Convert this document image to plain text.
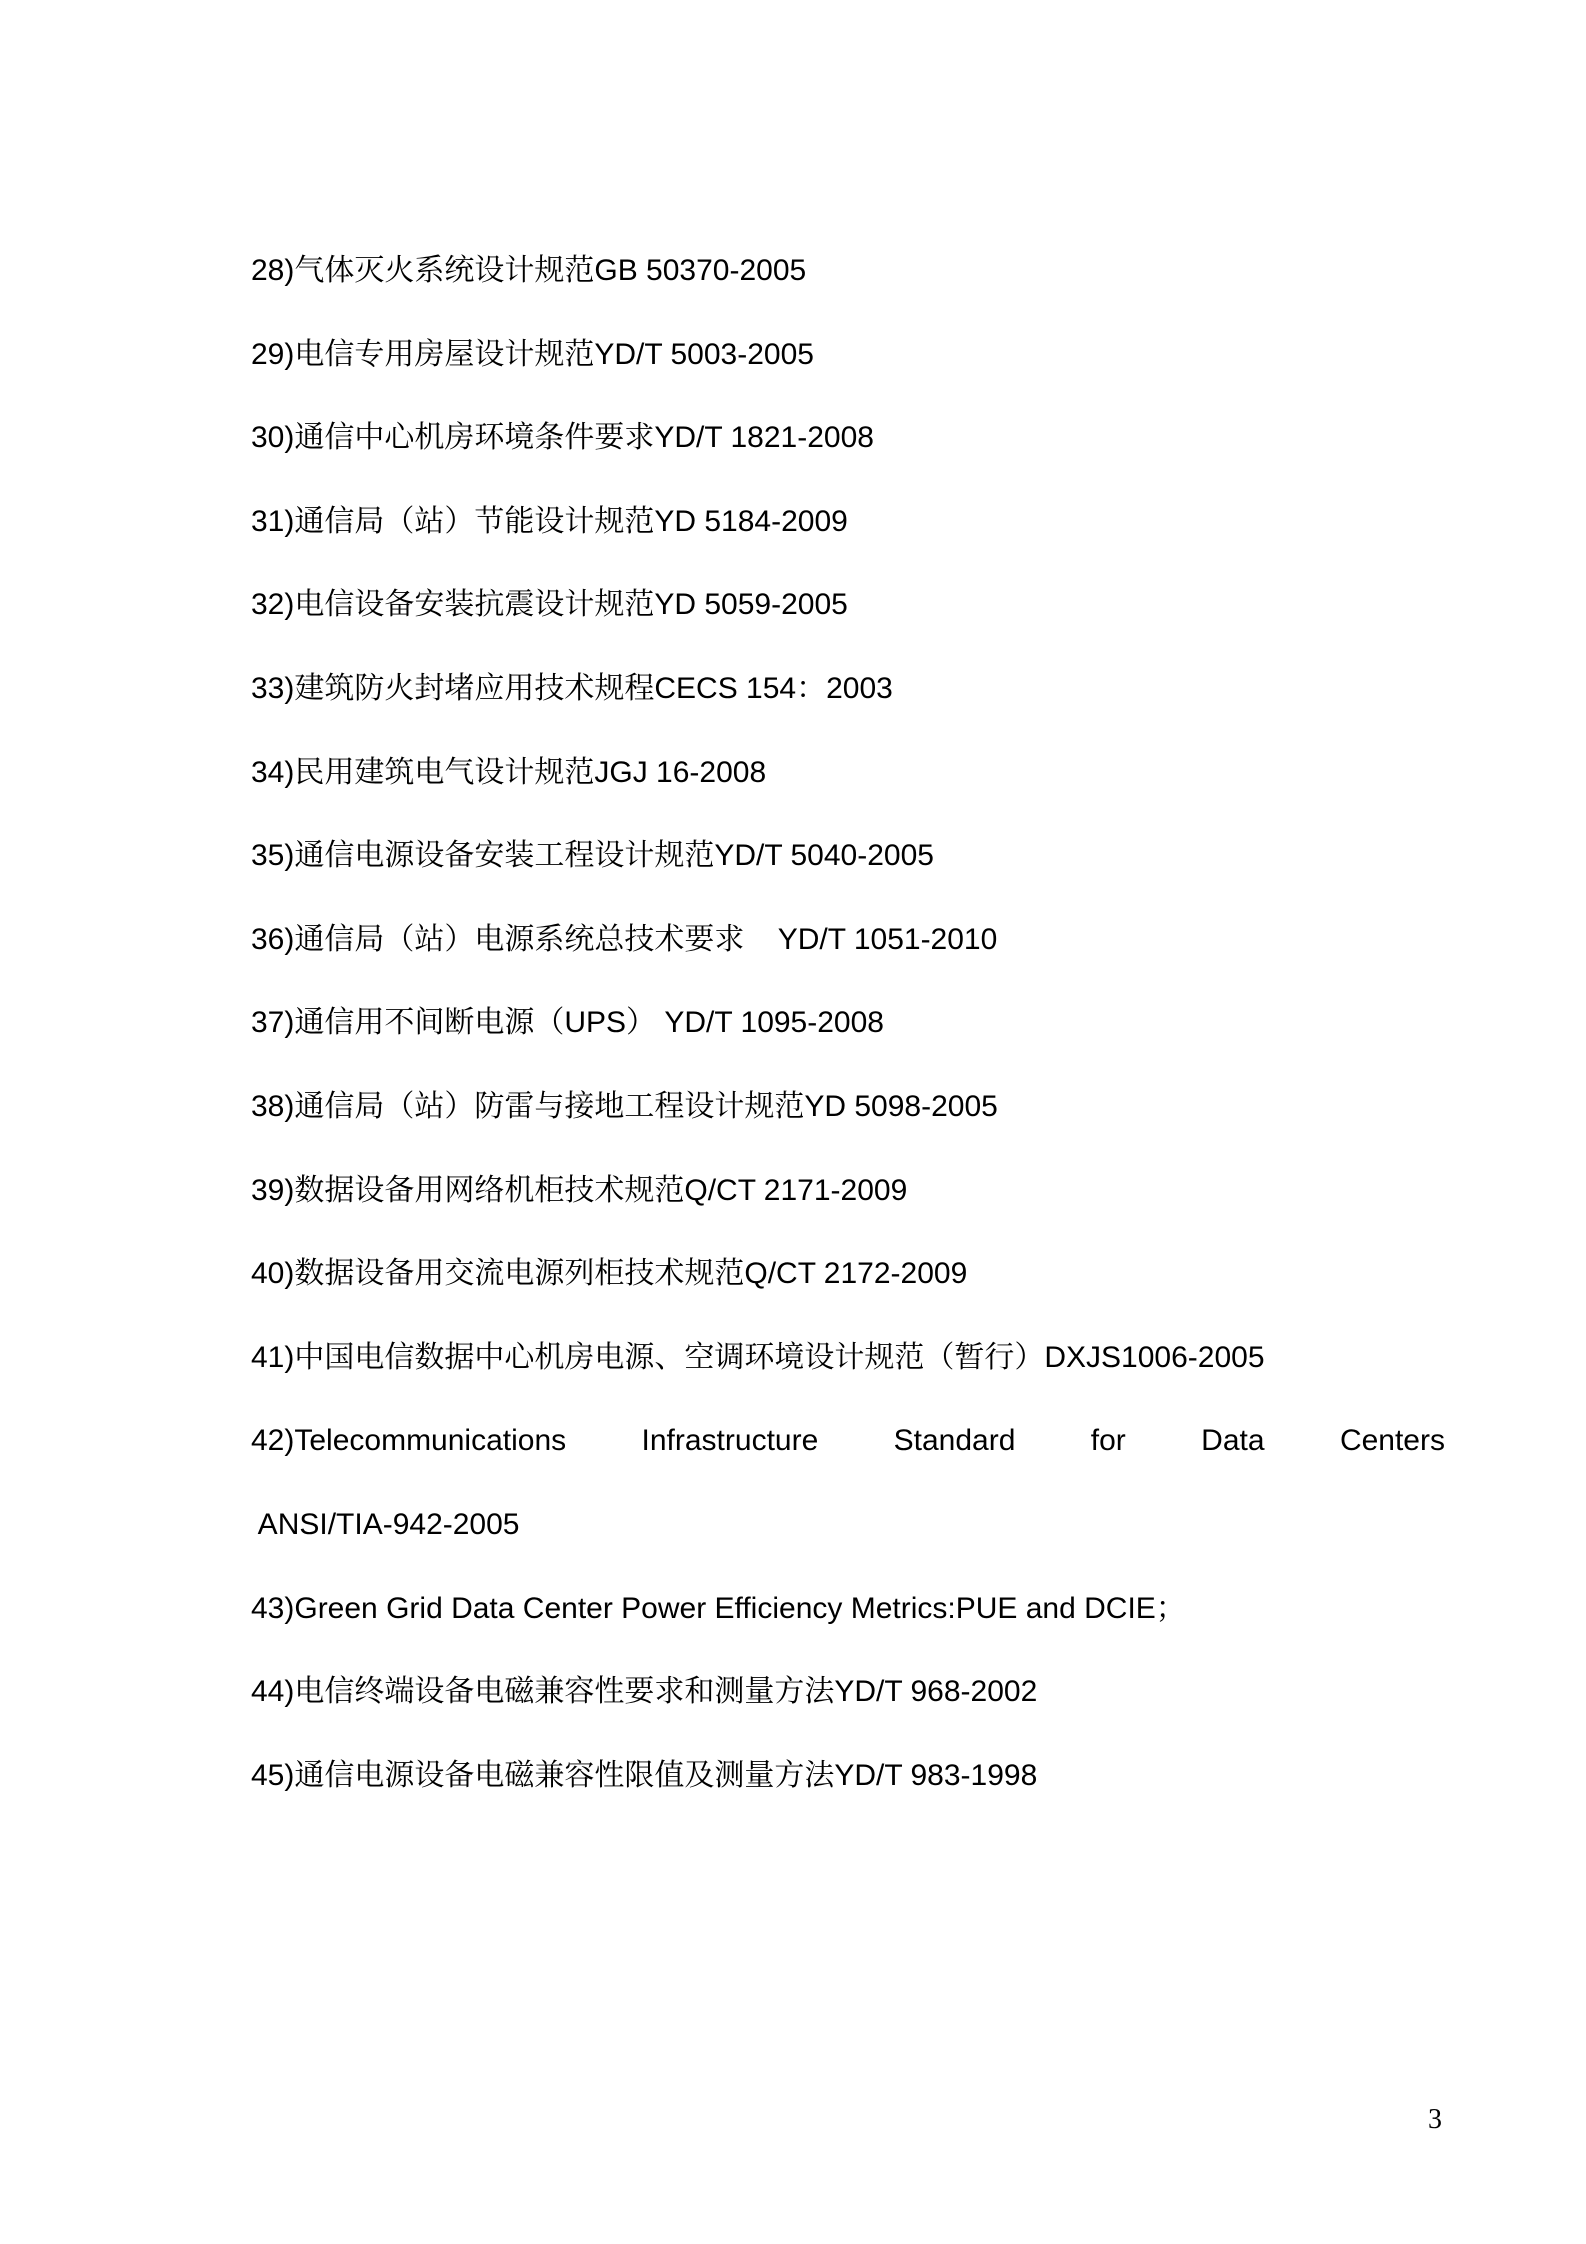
28)气体灭火系统设计规范GB 50370-2005
29)电信专用房屋设计规范YD/T 5003-2005
30)通信中心机房环境条件要求YD/T 1821-2008
31)通信局（站）节能设计规范YD 5184-2009
32)电信设备安装抗震设计规范YD 5059-2005
33)建筑防火封堵应用技术规程CECS 154：2003
34)民用建筑电气设计规范JGJ 16-2008
35)通信电源设备安装工程设计规范YD/T 5040-2005
36)通信局（站）电源系统总技术要求    YD/T 1051-2010
37)通信用不间断电源（UPS） YD/T 1095-2008
38)通信局（站）防雷与接地工程设计规范YD 5098-2005
39)数据设备用网络机柜技术规范Q/CT 2171-2009
40)数据设备用交流电源列柜技术规范Q/CT 2172-2009
41)中国电信数据中心机房电源、空调环境设计规范（暂行）DXJS1006-2005
42)Telecommunications Infrastructure Standard for Data Centers
ANSI/TIA-942-2005
43)Green Grid Data Center Power Efficiency Metrics:PUE and DCIE；
44)电信终端设备电磁兼容性要求和测量方法YD/T 968-2002
45)通信电源设备电磁兼容性限值及测量方法YD/T 983-1998
3
